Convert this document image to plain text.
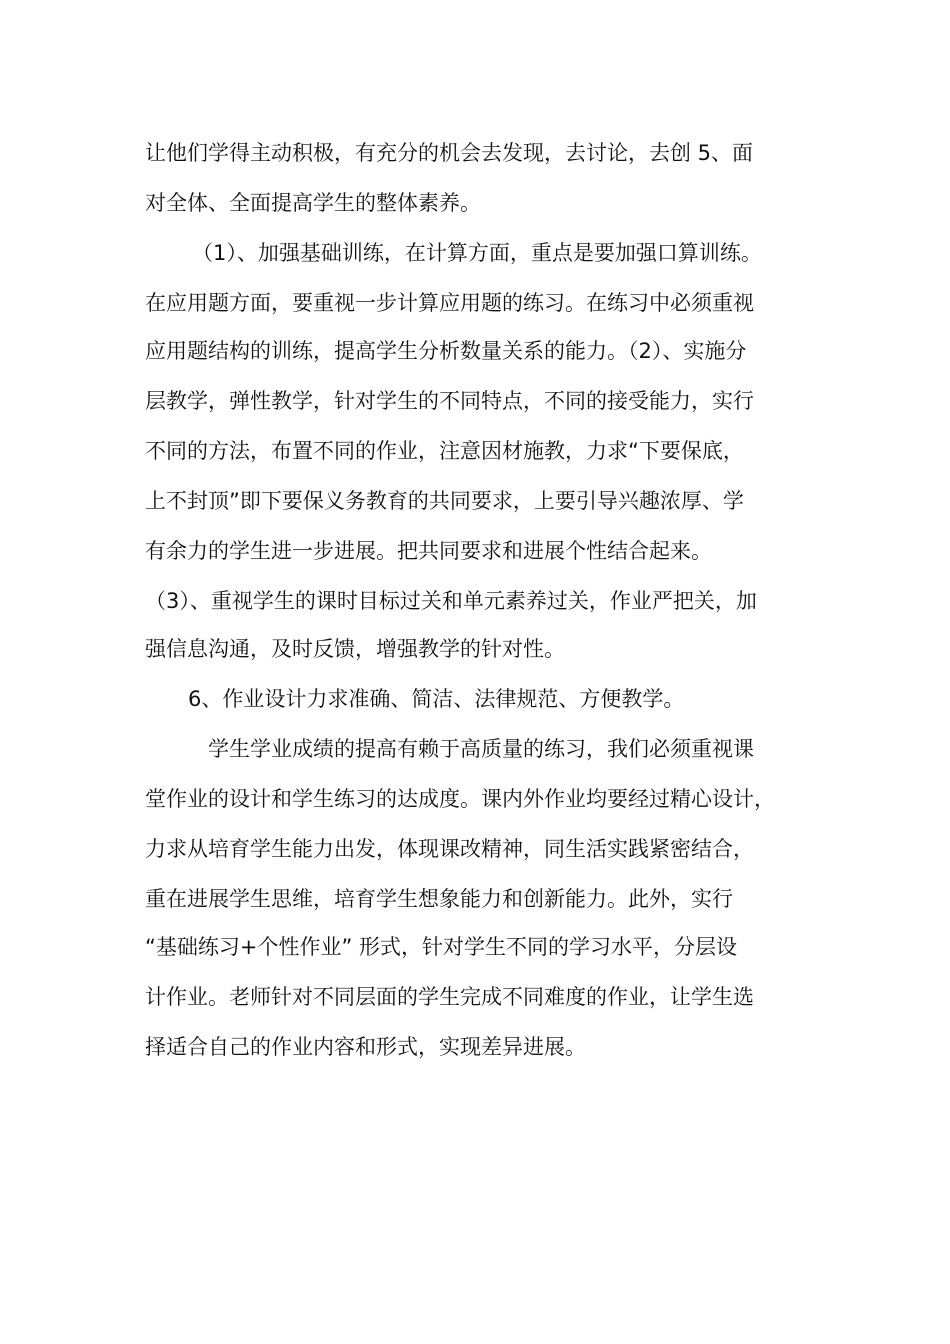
让他们学得主动积极，有充分的机会去发现，去讨论，去创 5、面
对全体、全面提高学生的整体素养。
（1）、加强基础训练，在计算方面，重点是要加强口算训练。
在应用题方面，要重视一步计算应用题的练习。在练习中必须重视
应用题结构的训练，提高学生分析数量关系的能力。（2）、实施分
层教学，弹性教学，针对学生的不同特点，不同的接受能力，实行
不同的方法，布置不同的作业，注意因材施教，力求“下要保底，
上不封顶”即下要保义务教育的共同要求，上要引导兴趣浓厚、学
有余力的学生进一步进展。把共同要求和进展个性结合起来。
（3）、重视学生的课时目标过关和单元素养过关，作业严把关，加
强信息沟通，及时反馈，增强教学的针对性。
6、作业设计力求准确、简洁、法律规范、方便教学。
学生学业成绩的提高有赖于高质量的练习，我们必须重视课
堂作业的设计和学生练习的达成度。课内外作业均要经过精心设计，
力求从培育学生能力出发，体现课改精神，同生活实践紧密结合，
重在进展学生思维，培育学生想象能力和创新能力。此外，实行
“基础练习+个性作业” 形式，针对学生不同的学习水平，分层设
计作业。老师针对不同层面的学生完成不同难度的作业，让学生选
择适合自己的作业内容和形式，实现差异进展。
